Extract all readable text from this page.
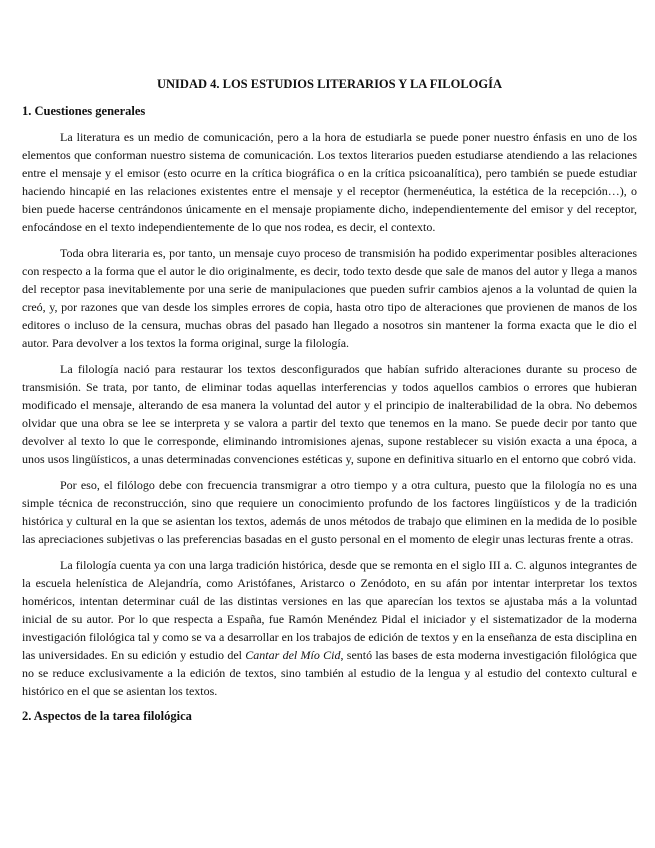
UNIDAD 4. LOS ESTUDIOS LITERARIOS Y LA FILOLOGÍA
1. Cuestiones generales

La literatura es un medio de comunicación, pero a la hora de estudiarla se puede poner nuestro énfasis en uno de los elementos que conforman nuestro sistema de comunicación. Los textos literarios pueden estudiarse atendiendo a las relaciones entre el mensaje y el emisor (esto ocurre en la crítica biográfica o en la crítica psicoanalítica), pero también se puede estudiar haciendo hincapié en las relaciones existentes entre el mensaje y el receptor (hermenéutica, la estética de la recepción…), o bien puede hacerse centrándonos únicamente en el mensaje propiamente dicho, independientemente del emisor y del receptor, enfocándose en el texto independientemente de lo que nos rodea, es decir, el contexto.

Toda obra literaria es, por tanto, un mensaje cuyo proceso de transmisión ha podido experimentar posibles alteraciones con respecto a la forma que el autor le dio originalmente, es decir, todo texto desde que sale de manos del autor y llega a manos del receptor pasa inevitablemente por una serie de manipulaciones que pueden sufrir cambios ajenos a la voluntad de quien la creó, y, por razones que van desde los simples errores de copia, hasta otro tipo de alteraciones que provienen de manos de los editores o incluso de la censura, muchas obras del pasado han llegado a nosotros sin mantener la forma exacta que le dio el autor. Para devolver a los textos la forma original, surge la filología.

La filología nació para restaurar los textos desconfigurados que habían sufrido alteraciones durante su proceso de transmisión. Se trata, por tanto, de eliminar todas aquellas interferencias y todos aquellos cambios o errores que hubieran modificado el mensaje, alterando de esa manera la voluntad del autor y el principio de inalterabilidad de la obra. No debemos olvidar que una obra se lee se interpreta y se valora a partir del texto que tenemos en la mano. Se puede decir por tanto que devolver al texto lo que le corresponde, eliminando intromisiones ajenas, supone restablecer su visión exacta a una época, a unos usos lingüísticos, a unas determinadas convenciones estéticas y, supone en definitiva situarlo en el entorno que cobró vida.

Por eso, el filólogo debe con frecuencia transmigrar a otro tiempo y a otra cultura, puesto que la filología no es una simple técnica de reconstrucción, sino que requiere un conocimiento profundo de los factores lingüísticos y de la tradición histórica y cultural en la que se asientan los textos, además de unos métodos de trabajo que eliminen en la medida de lo posible las apreciaciones subjetivas o las preferencias basadas en el gusto personal en el momento de elegir unas lecturas frente a otras.

La filología cuenta ya con una larga tradición histórica, desde que se remonta en el siglo III a. C. algunos integrantes de la escuela helenística de Alejandría, como Aristófanes, Aristarco o Zenódoto, en su afán por intentar interpretar los textos homéricos, intentan determinar cuál de las distintas versiones en las que aparecían los textos se ajustaba más a la voluntad inicial de su autor. Por lo que respecta a España, fue Ramón Menéndez Pidal el iniciador y el sistematizador de la moderna investigación filológica tal y como se va a desarrollar en los trabajos de edición de textos y en la enseñanza de esta disciplina en las universidades. En su edición y estudio del Cantar del Mío Cid, sentó las bases de esta moderna investigación filológica que no se reduce exclusivamente a la edición de textos, sino también al estudio de la lengua y al estudio del contexto cultural e histórico en el que se asientan los textos.

2. Aspectos de la tarea filológica
